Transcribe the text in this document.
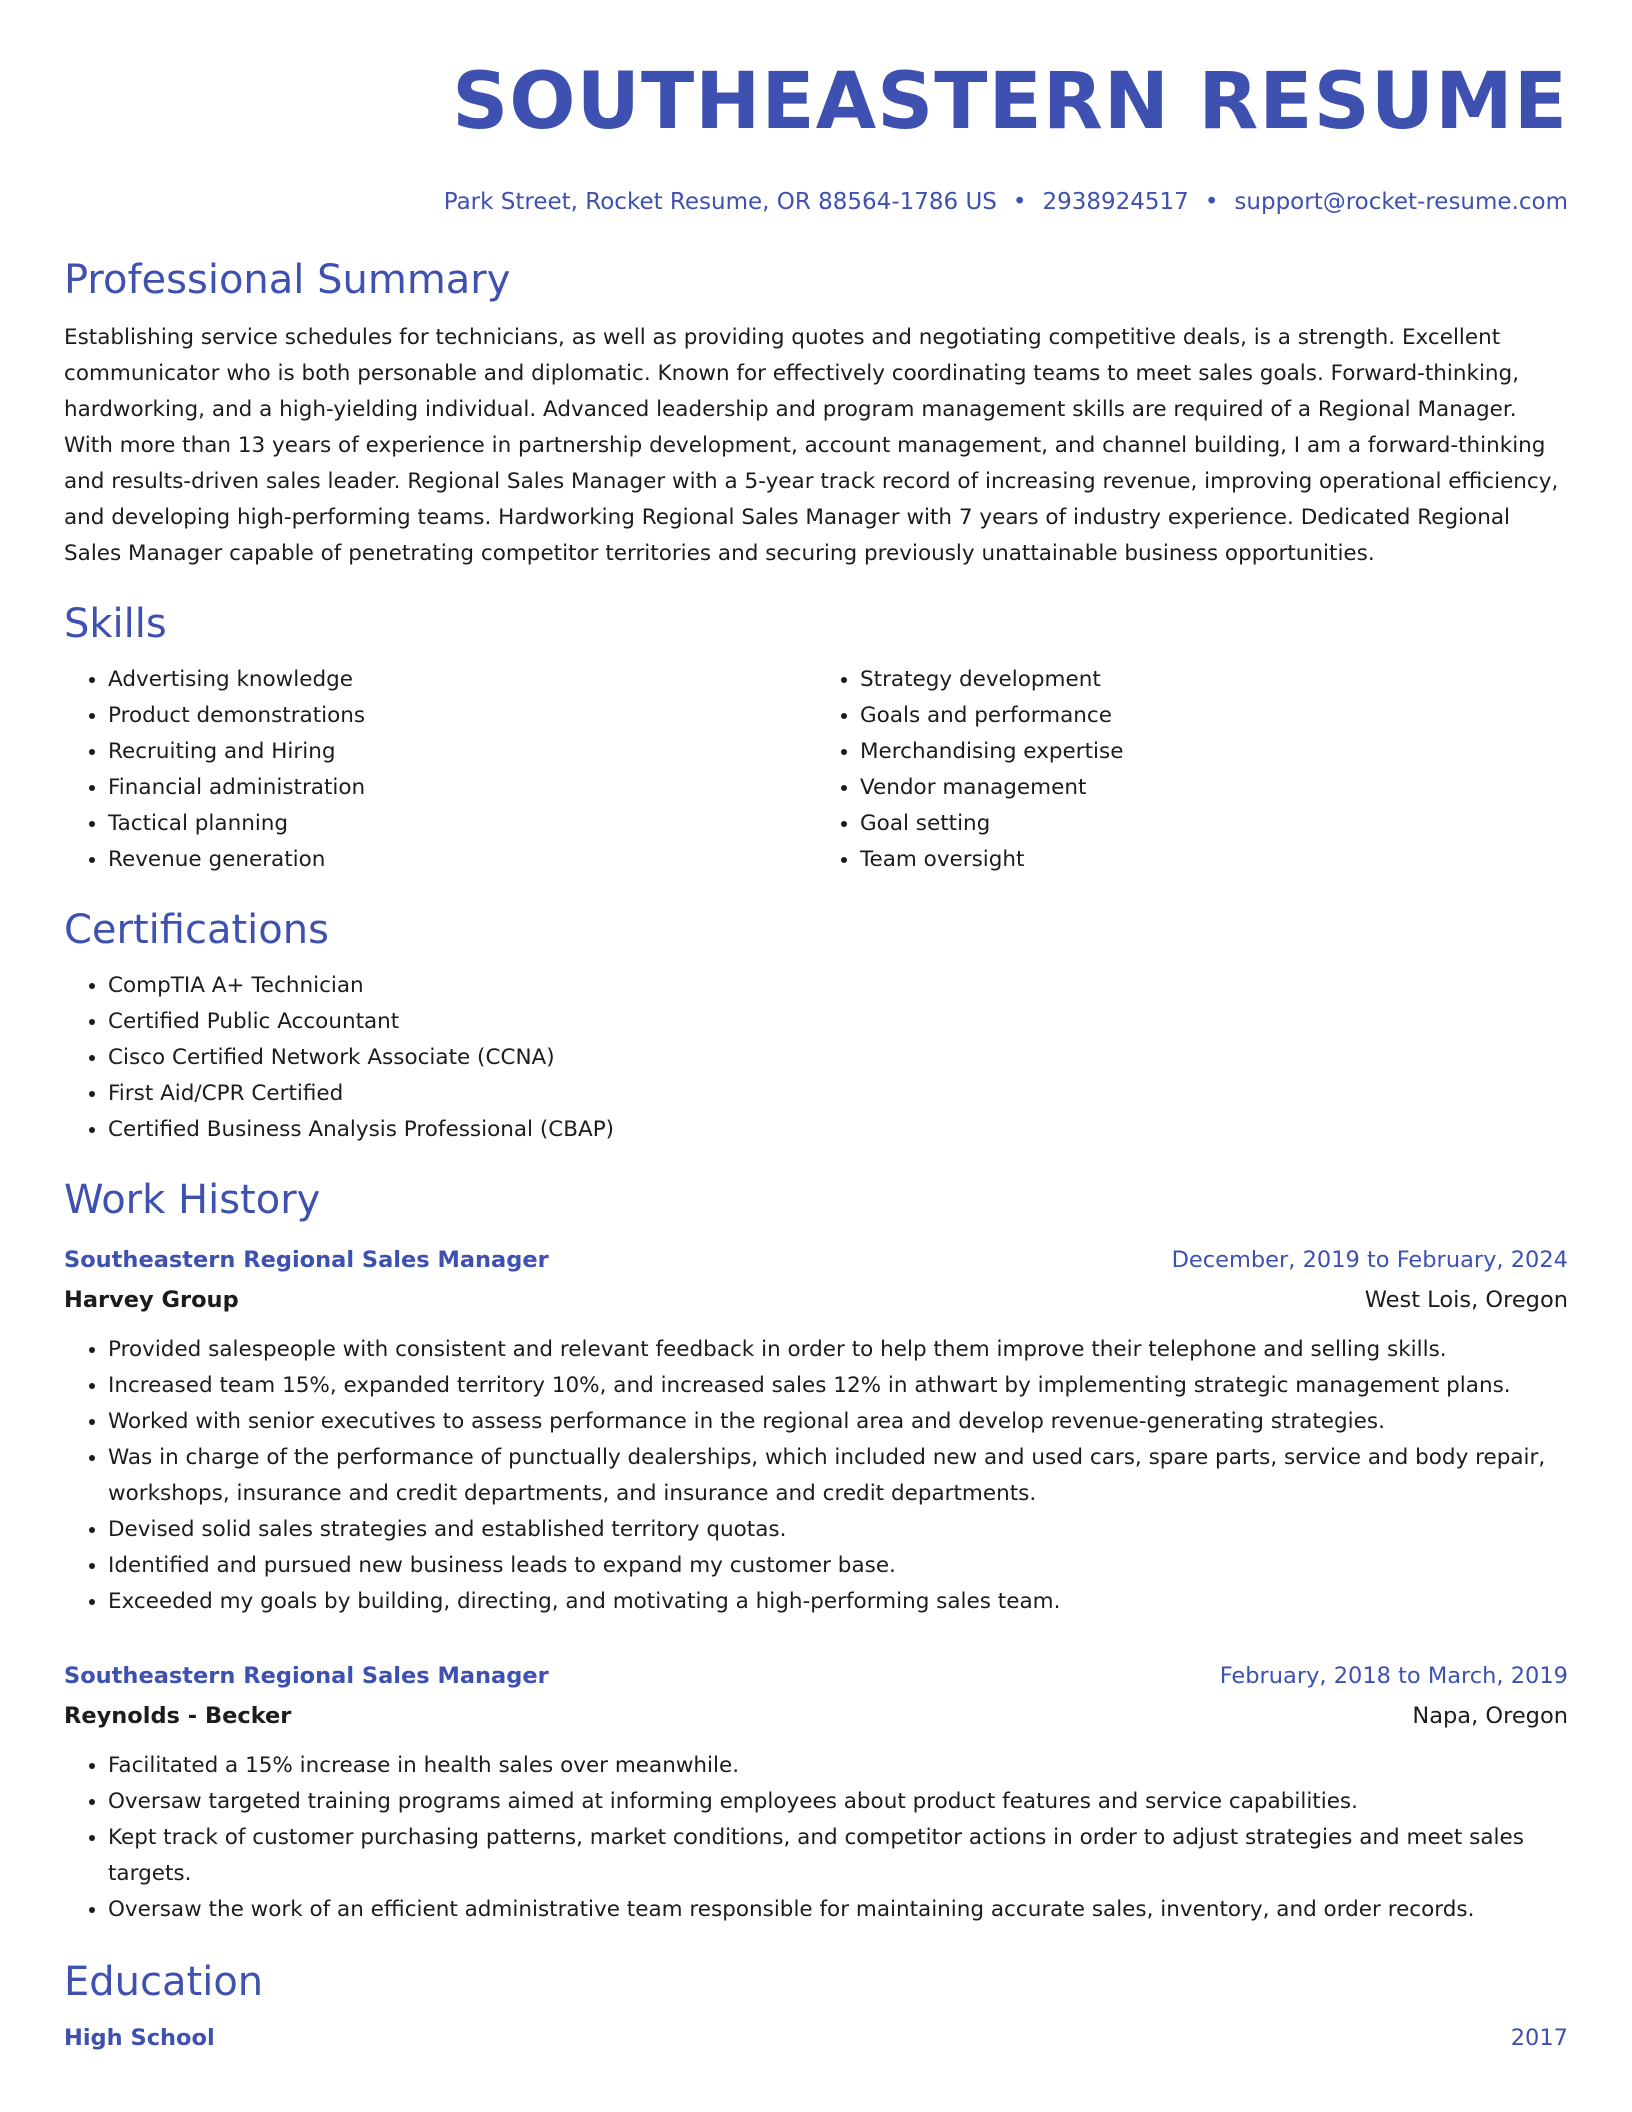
SOUTHEASTERN RESUME
Park Street, Rocket Resume, OR 88564-1786 US • 2938924517 • support@rocket-resume.com
Professional Summary

Establishing service schedules for technicians, as well as providing quotes and negotiating competitive deals, is a strength. Excellent communicator who is both personable and diplomatic. Known for effectively coordinating teams to meet sales goals. Forward-thinking, hardworking, and a high-yielding individual. Advanced leadership and program management skills are required of a Regional Manager. With more than 13 years of experience in partnership development, account management, and channel building, I am a forward-thinking and results-driven sales leader. Regional Sales Manager with a 5-year track record of increasing revenue, improving operational efficiency, and developing high-performing teams. Hardworking Regional Sales Manager with 7 years of industry experience. Dedicated Regional Sales Manager capable of penetrating competitor territories and securing previously unattainable business opportunities.

Skills
• Advertising knowledge
• Product demonstrations
• Recruiting and Hiring
• Financial administration
• Tactical planning
• Revenue generation
• Strategy development
• Goals and performance
• Merchandising expertise
• Vendor management
• Goal setting
• Team oversight
Certifications
• CompTIA A+ Technician
• Certified Public Accountant
• Cisco Certified Network Associate (CCNA)
• First Aid/CPR Certified
• Certified Business Analysis Professional (CBAP)
Work History
Southeastern Regional Sales Manager	December, 2019 to February, 2024
Harvey Group	West Lois, Oregon
• Provided salespeople with consistent and relevant feedback in order to help them improve their telephone and selling skills.
• Increased team 15%, expanded territory 10%, and increased sales 12% in athwart by implementing strategic management plans.
• Worked with senior executives to assess performance in the regional area and develop revenue-generating strategies.
• Was in charge of the performance of punctually dealerships, which included new and used cars, spare parts, service and body repair, workshops, insurance and credit departments, and insurance and credit departments.
• Devised solid sales strategies and established territory quotas.
• Identified and pursued new business leads to expand my customer base.
• Exceeded my goals by building, directing, and motivating a high-performing sales team.
Southeastern Regional Sales Manager	February, 2018 to March, 2019
Reynolds - Becker	Napa, Oregon
• Facilitated a 15% increase in health sales over meanwhile.
• Oversaw targeted training programs aimed at informing employees about product features and service capabilities.
• Kept track of customer purchasing patterns, market conditions, and competitor actions in order to adjust strategies and meet sales targets.
• Oversaw the work of an efficient administrative team responsible for maintaining accurate sales, inventory, and order records.
Education
High School	2017
